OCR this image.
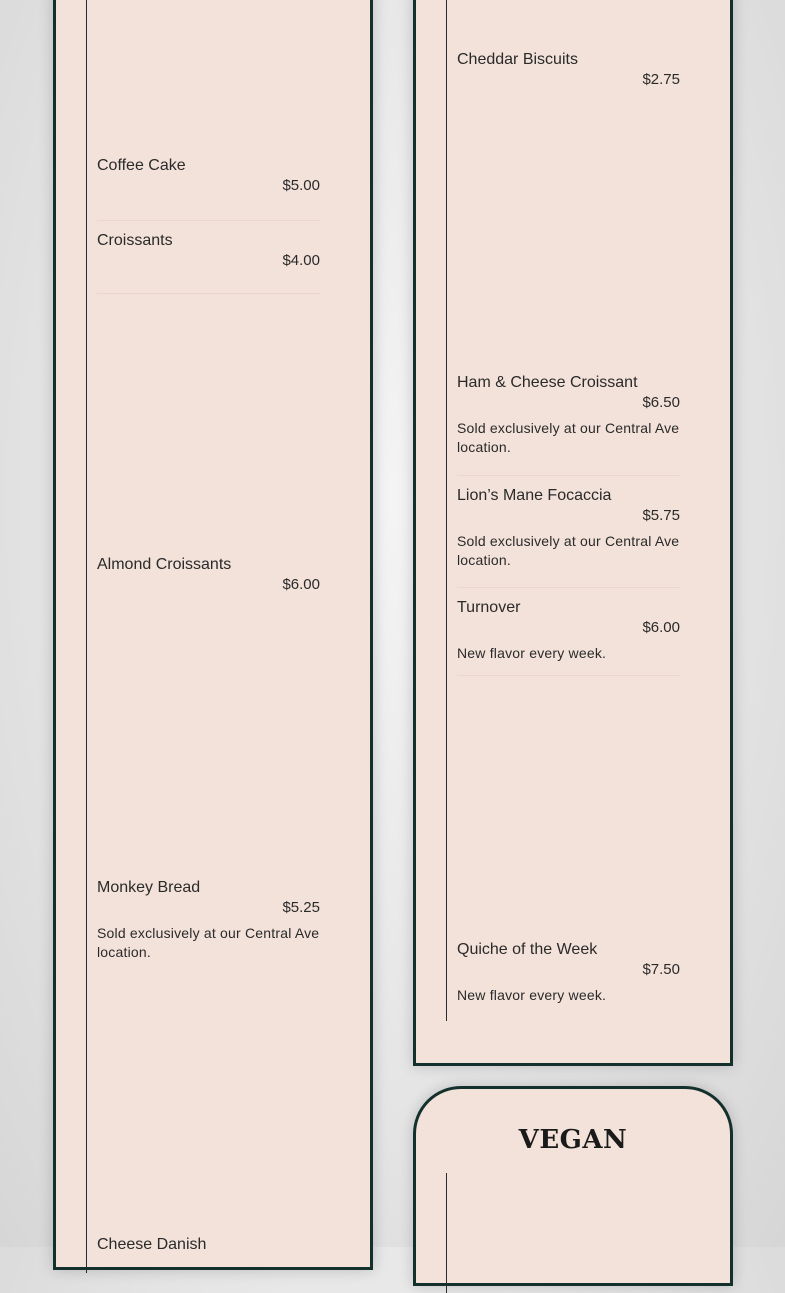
Coffee Cake
$5.00
Croissants
$4.00
Almond Croissants
$6.00
Monkey Bread
$5.25
Sold exclusively at our Central Ave location.
Cheese Danish
Cheddar Biscuits
$2.75
Ham & Cheese Croissant
$6.50
Sold exclusively at our Central Ave location.
Lion’s Mane Focaccia
$5.75
Sold exclusively at our Central Ave location.
Turnover
$6.00
New flavor every week.
Quiche of the Week
$7.50
New flavor every week.
VEGAN
